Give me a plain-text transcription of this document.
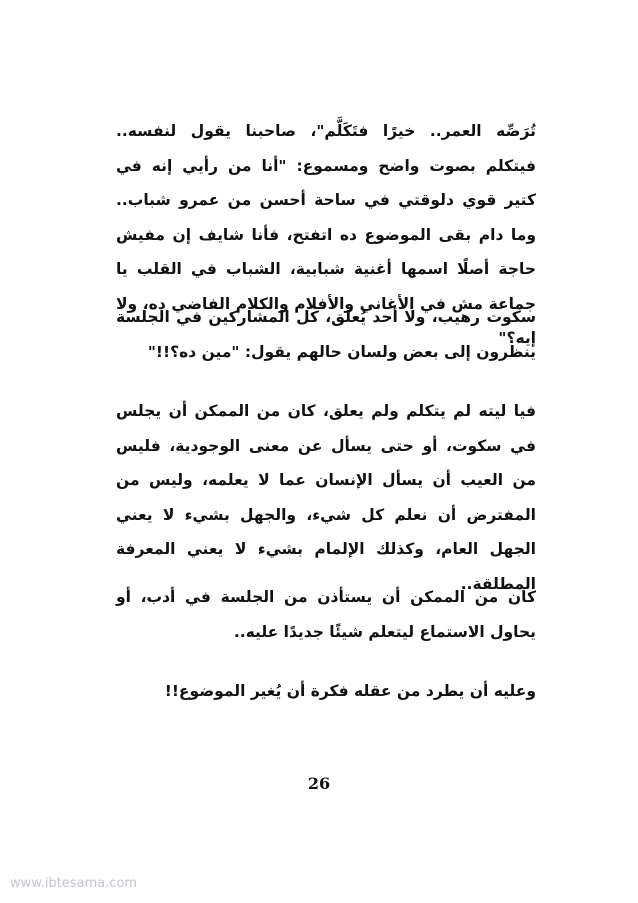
تُرَصِّه العمر.. خيرًا فتَكَلَّم"، صاحبنا يقول لنفسه.. فيتكلم بصوت واضح ومسموع: "أنا من رأيي إنه في كتير قوي دلوقتي في ساحة أحسن من عمرو شباب.. وما دام بقى الموضوع ده اتفتح، فأنا شايف إن مفيش حاجة أصلًا اسمها أغنية شبابية، الشباب في القلب يا جماعة مش في الأغاني والأفلام والكلام الفاضي ده، ولا إيه؟"

سكوت رهيب، ولا أحد يُعلق، كل المشاركين في الجلسة ينظرون إلى بعض ولسان حالهم يقول: "مين ده؟!!"

فيا ليته لم يتكلم ولم يعلق، كان من الممكن أن يجلس في سكوت، أو حتى يسأل عن معنى الوجودية، فليس من العيب أن يسأل الإنسان عما لا يعلمه، وليس من المفترض أن نعلم كل شيء، والجهل بشيء لا يعني الجهل العام، وكذلك الإلمام بشيء لا يعني المعرفة المطلقة..

كان من الممكن أن يستأذن من الجلسة في أدب، أو يحاول الاستماع ليتعلم شيئًا جديدًا عليه..

وعليه أن يطرد من عقله فكرة أن يُغير الموضوع!!

26
www.ibtesama.com
